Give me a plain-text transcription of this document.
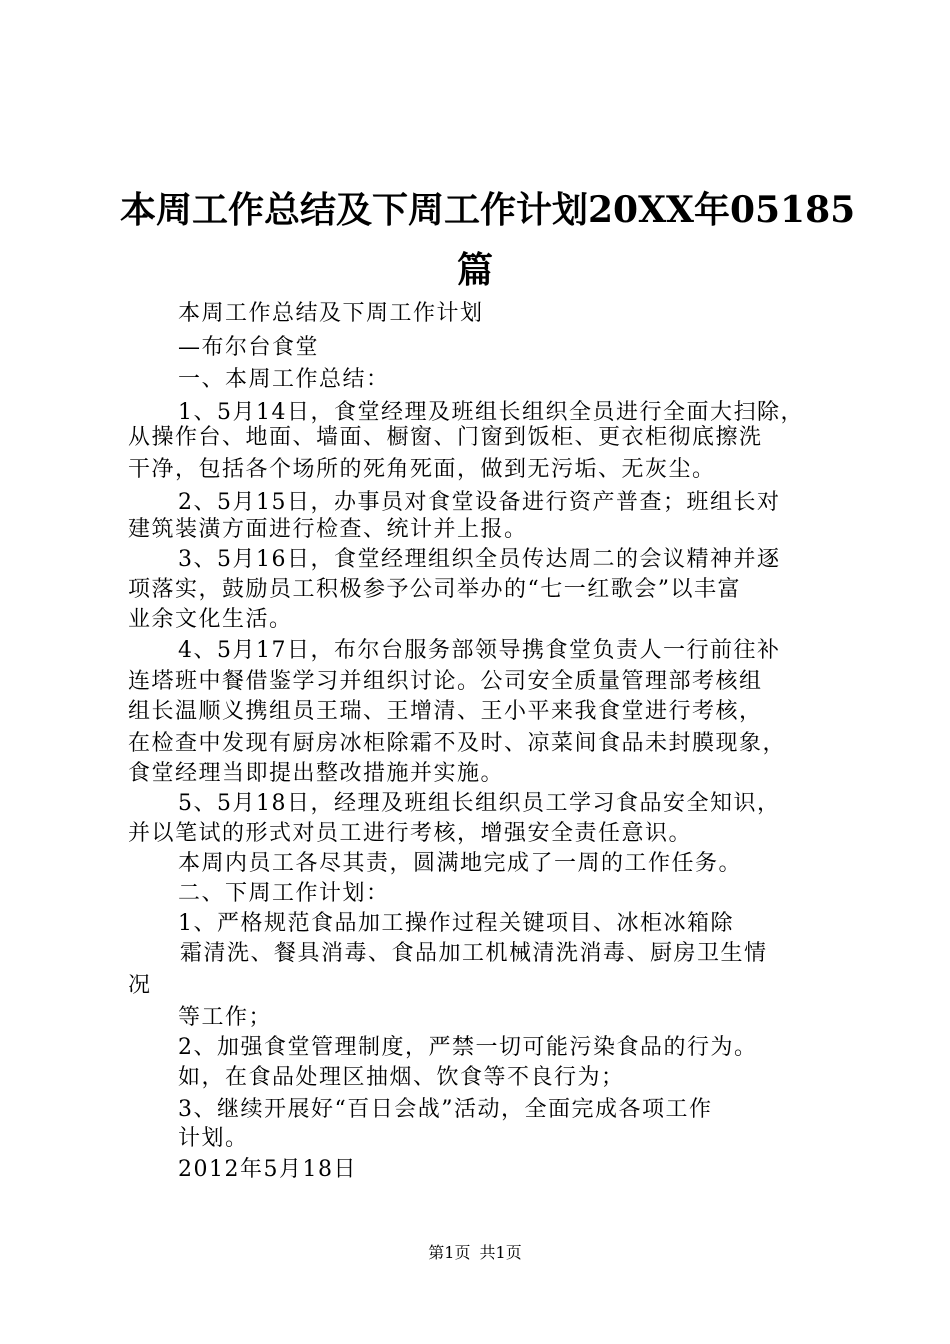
本周工作总结及下周工作计划20XX年05185
篇
本周工作总结及下周工作计划
—布尔台食堂
一、本周工作总结：
1、5月14日，食堂经理及班组长组织全员进行全面大扫除，
从操作台、地面、墙面、橱窗、门窗到饭柜、更衣柜彻底擦洗
干净，包括各个场所的死角死面，做到无污垢、无灰尘。
2、5月15日，办事员对食堂设备进行资产普查；班组长对
建筑装潢方面进行检查、统计并上报。
3、5月16日，食堂经理组织全员传达周二的会议精神并逐
项落实，鼓励员工积极参予公司举办的“七一红歌会”以丰富
业余文化生活。
4、5月17日，布尔台服务部领导携食堂负责人一行前往补
连塔班中餐借鉴学习并组织讨论。公司安全质量管理部考核组
组长温顺义携组员王瑞、王增清、王小平来我食堂进行考核，
在检查中发现有厨房冰柜除霜不及时、凉菜间食品未封膜现象，
食堂经理当即提出整改措施并实施。
5、5月18日，经理及班组长组织员工学习食品安全知识，
并以笔试的形式对员工进行考核，增强安全责任意识。
本周内员工各尽其责，圆满地完成了一周的工作任务。
二、下周工作计划：
1、严格规范食品加工操作过程关键项目、冰柜冰箱除
霜清洗、餐具消毒、食品加工机械清洗消毒、厨房卫生情
况
等工作；
2、加强食堂管理制度，严禁一切可能污染食品的行为。
如，在食品处理区抽烟、饮食等不良行为；
3、继续开展好“百日会战”活动，全面完成各项工作
计划。
2012年5月18日
第1页 共1页
